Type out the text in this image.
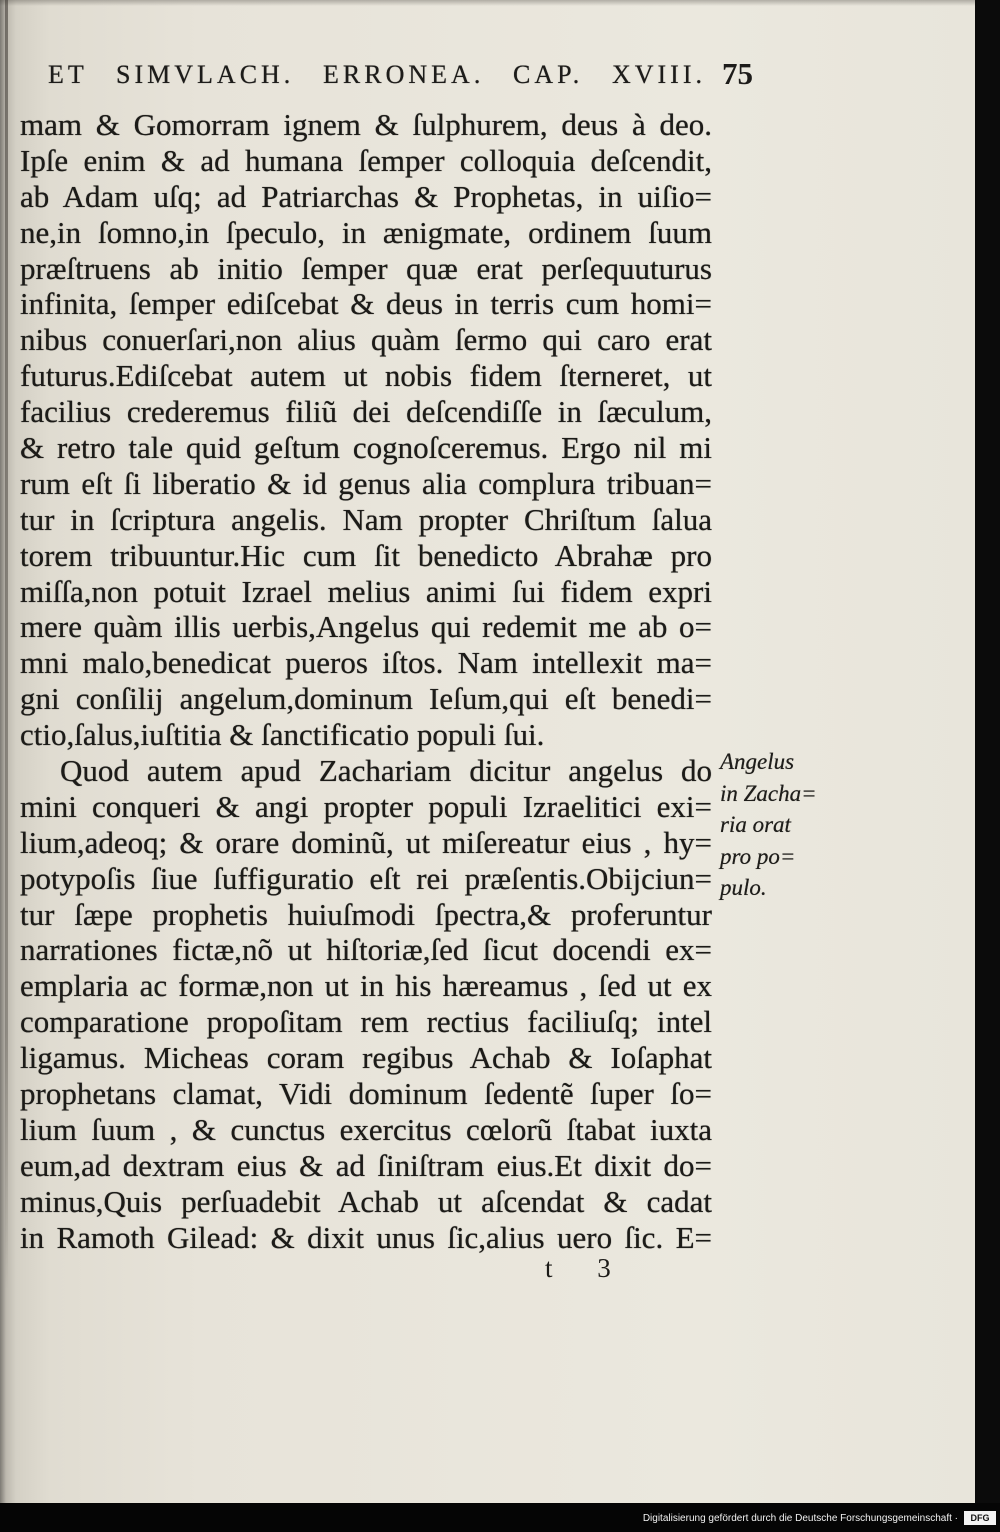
ET SIMVLACH. ERRONEA. CAP. XVIII. 75
mam & Gomorram ignem & ſulphurem, deus à deo.
Ipſe enim & ad humana ſemper colloquia deſcendit,
ab Adam uſq; ad Patriarchas & Prophetas, in uiſio=
ne,in ſomno,in ſpeculo, in ænigmate, ordinem ſuum
præſtruens ab initio ſemper quæ erat perſequuturus
infinita, ſemper ediſcebat & deus in terris cum homi=
nibus conuerſari,non alius quàm ſermo qui caro erat
futurus.Ediſcebat autem ut nobis fidem ſterneret, ut
facilius crederemus filiũ dei deſcendiſſe in ſæculum,
& retro tale quid geſtum cognoſceremus. Ergo nil mi
rum eſt ſi liberatio & id genus alia complura tribuan=
tur in ſcriptura angelis. Nam propter Chriſtum ſalua
torem tribuuntur.Hic cum ſit benedicto Abrahæ pro
miſſa,non potuit Izrael melius animi ſui fidem expri
mere quàm illis uerbis,Angelus qui redemit me ab o=
mni malo,benedicat pueros iſtos. Nam intellexit ma=
gni conſilij angelum,dominum Ieſum,qui eſt benedi=
ctio,ſalus,iuſtitia & ſanctificatio populi ſui.
Quod autem apud Zachariam dicitur angelus do
mini conqueri & angi propter populi Izraelitici exi=
lium,adeoq; & orare dominũ, ut miſereatur eius , hy=
potypoſis ſiue ſuffiguratio eſt rei præſentis.Obijciun=
tur ſæpe prophetis huiuſmodi ſpectra,& proferuntur
narrationes fictæ,nõ ut hiſtoriæ,ſed ſicut docendi ex=
emplaria ac formæ,non ut in his hæreamus , ſed ut ex
comparatione propoſitam rem rectius faciliuſq; intel
ligamus. Micheas coram regibus Achab & Ioſaphat
prophetans clamat, Vidi dominum ſedentẽ ſuper ſo=
lium ſuum , & cunctus exercitus cœlorũ ſtabat iuxta
eum,ad dextram eius & ad ſiniſtram eius.Et dixit do=
minus,Quis perſuadebit Achab ut aſcendat & cadat
in Ramoth Gilead: & dixit unus ſic,alius uero ſic. E=
Angelus
in Zacha=
ria orat
pro po=
pulo.
t 3
Digitalisierung gefördert durch die Deutsche Forschungsgemeinschaft ·	DFG
